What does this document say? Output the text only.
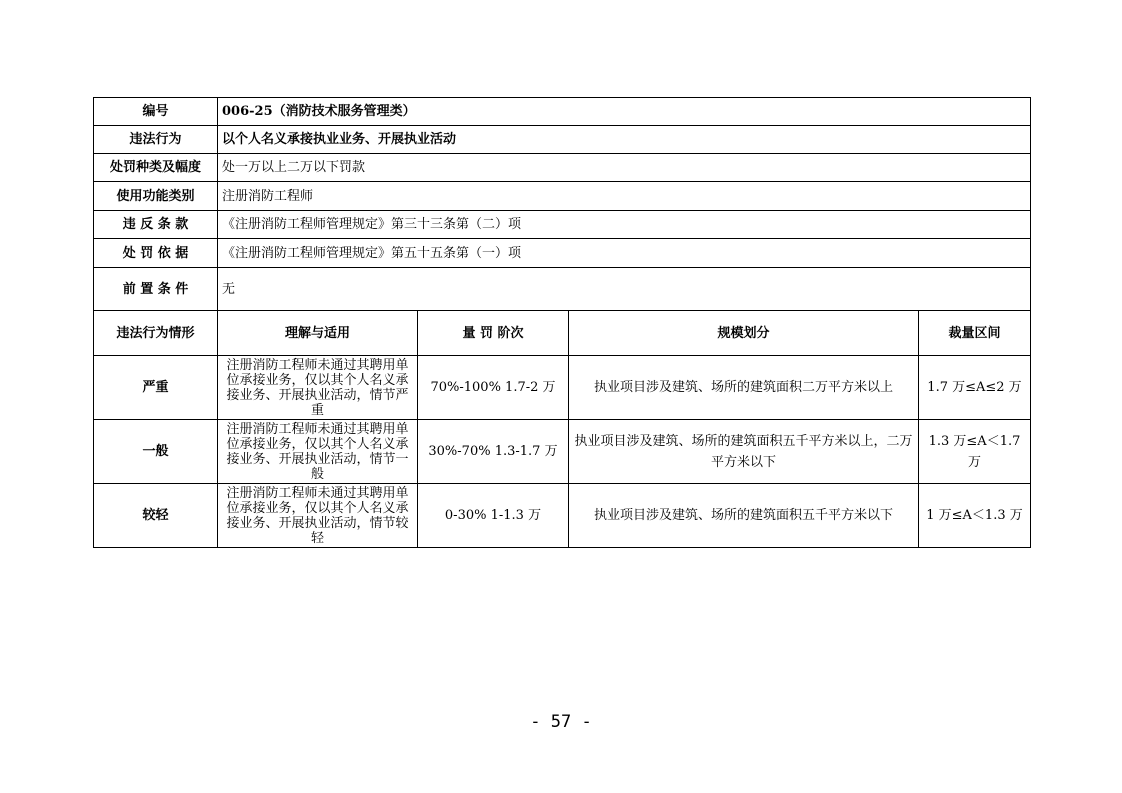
编号	006-25（消防技术服务管理类）			
违法行为	以个人名义承接执业业务、开展执业活动			
处罚种类及幅度	处一万以上二万以下罚款			
使用功能类别	注册消防工程师			
违 反 条 款	《注册消防工程师管理规定》第三十三条第（二）项			
处 罚 依 据	《注册消防工程师管理规定》第五十五条第（一）项			
前 置 条 件	无			
违法行为情形	理解与适用	量 罚 阶次	规模划分	裁量区间
严重	注册消防工程师未通过其聘用单位承接业务，仅以其个人名义承接业务、开展执业活动，情节严重	70%-100% 1.7-2 万	执业项目涉及建筑、场所的建筑面积二万平方米以上	1.7 万≤A≤2 万
一般	注册消防工程师未通过其聘用单位承接业务，仅以其个人名义承接业务、开展执业活动，情节一般	30%-70% 1.3-1.7 万	执业项目涉及建筑、场所的建筑面积五千平方米以上，二万平方米以下	1.3 万≤A＜1.7 万
较轻	注册消防工程师未通过其聘用单位承接业务，仅以其个人名义承接业务、开展执业活动，情节较轻	0-30% 1-1.3 万	执业项目涉及建筑、场所的建筑面积五千平方米以下	1 万≤A＜1.3 万
- 57 -
